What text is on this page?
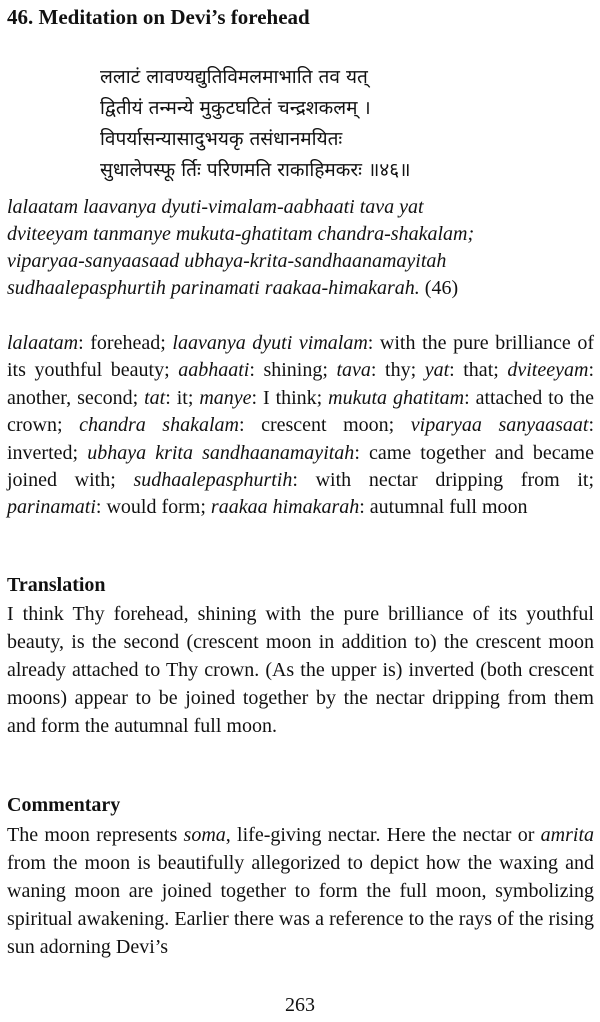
46. Meditation on Devi’s forehead
ललाटं लावण्यद्युतिविमलमाभाति तव यत्
द्वितीयं तन्मन्ये मुकुटघटितं चन्द्रशकलम् ।
विपर्यासन्यासादुभयकृ तसंधानमयितः
सुधालेपस्फू र्तिः परिणमति राकाहिमकरः ॥४६॥
lalaatam laavanya dyuti-vimalam-aabhaati tava yat
dviteeyam tanmanye mukuta-ghatitam chandra-shakalam;
viparyaa-sanyaasaad ubhaya-krita-sandhaanamayitah
sudhaalepasphurtih parinamati raakaa-himakarah. (46)

lalaatam: forehead; laavanya dyuti vimalam: with the pure brilliance of its youthful beauty; aabhaati: shining; tava: thy; yat: that; dviteeyam: another, second; tat: it; manye: I think; mukuta ghatitam: attached to the crown; chandra shakalam: crescent moon; viparyaa sanyaasaat: inverted; ubhaya krita sandhaanamayitah: came together and became joined with; sudhaalepasphurtih: with nectar dripping from it; parinamati: would form; raakaa himakarah: autumnal full moon

Translation

I think Thy forehead, shining with the pure brilliance of its youthful beauty, is the second (crescent moon in addition to) the crescent moon already attached to Thy crown. (As the upper is) inverted (both crescent moons) appear to be joined together by the nectar dripping from them and form the autumnal full moon.

Commentary

The moon represents soma, life-giving nectar. Here the nectar or amrita from the moon is beautifully allegorized to depict how the waxing and waning moon are joined together to form the full moon, symbolizing spiritual awakening. Earlier there was a reference to the rays of the rising sun adorning Devi’s

263
